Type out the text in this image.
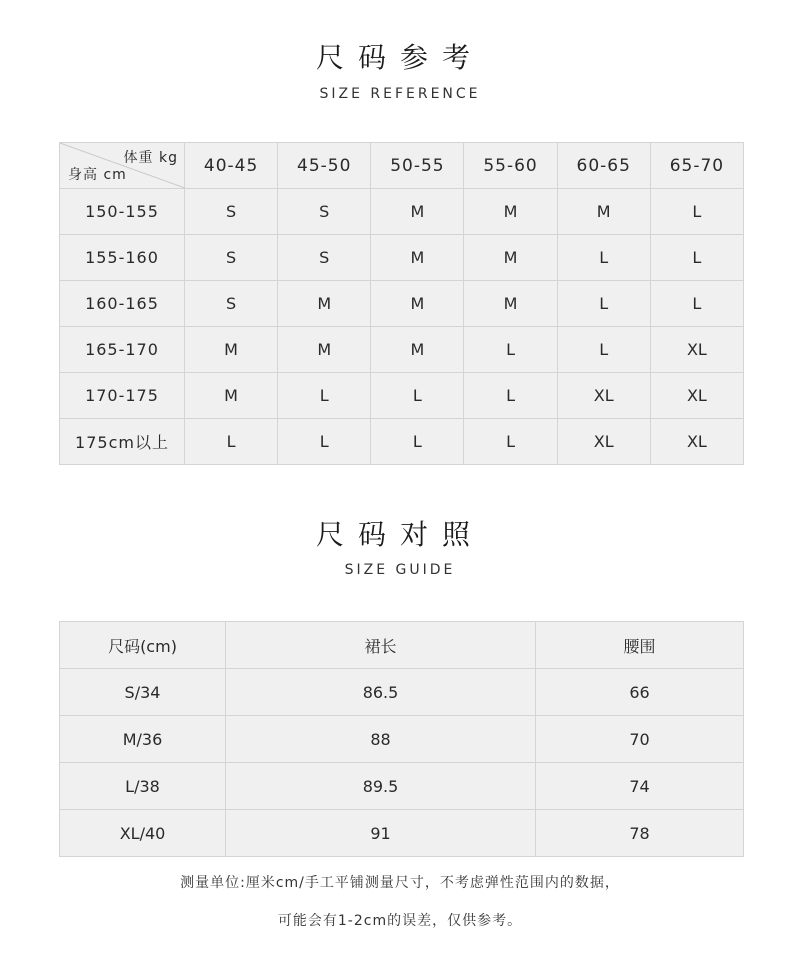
尺码参考
SIZE REFERENCE
体重 kg
身高 cm	40-45	45-50	50-55	55-60	60-65	65-70
150-155	S	S	M	M	M	L
155-160	S	S	M	M	L	L
160-165	S	M	M	M	L	L
165-170	M	M	M	L	L	XL
170-175	M	L	L	L	XL	XL
175cm以上	L	L	L	L	XL	XL
尺码对照
SIZE GUIDE
尺码(cm)	裙长	腰围
S/34	86.5	66
M/36	88	70
L/38	89.5	74
XL/40	91	78
测量单位:厘米cm/手工平铺测量尺寸，不考虑弹性范围内的数据，
可能会有1-2cm的误差，仅供参考。
